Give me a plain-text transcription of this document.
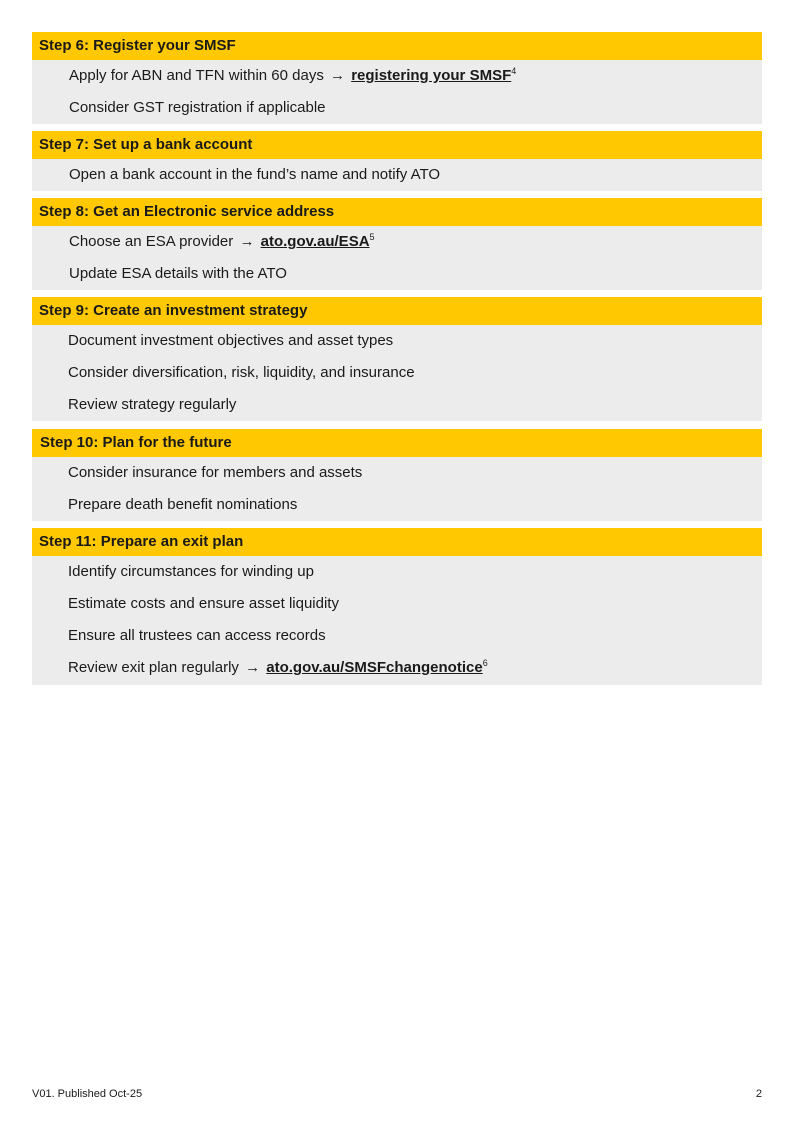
Step 6: Register your SMSF
Apply for ABN and TFN within 60 days → registering your SMSF$^4$
Consider GST registration if applicable
Step 7: Set up a bank account
Open a bank account in the fund’s name and notify ATO
Step 8: Get an Electronic service address
Choose an ESA provider → $ato.gov.au/ESA^5$
Update ESA details with the ATO
Step 9: Create an investment strategy
Document investment objectives and asset types
Consider diversification, risk, liquidity, and insurance
Review strategy regularly
Step 10: Plan for the future
Consider insurance for members and assets
Prepare death benefit nominations
Step 11: Prepare an exit plan
Identify circumstances for winding up
Estimate costs and ensure asset liquidity
Ensure all trustees can access records
Review exit plan regularly → ato.gov.au/SMSFchangenotice$^6$
V01. Published Oct-25	2
